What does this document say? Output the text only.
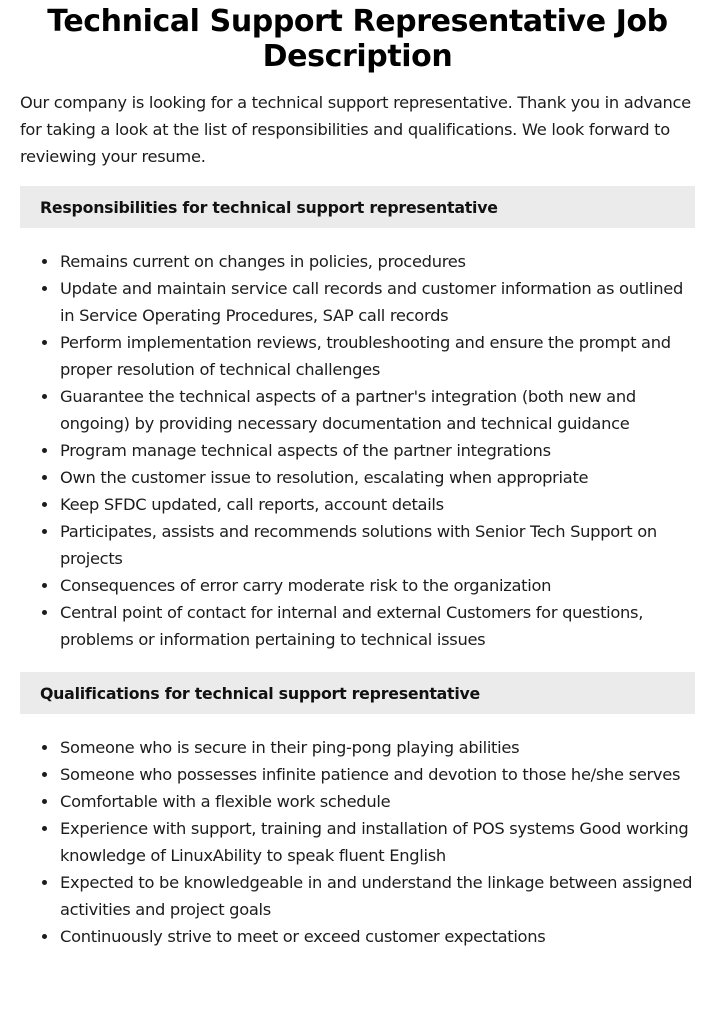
Technical Support Representative Job Description

Our company is looking for a technical support representative. Thank you in advance for taking a look at the list of responsibilities and qualifications. We look forward to reviewing your resume.

Responsibilities for technical support representative
Remains current on changes in policies, procedures
Update and maintain service call records and customer information as outlined in Service Operating Procedures, SAP call records
Perform implementation reviews, troubleshooting and ensure the prompt and proper resolution of technical challenges
Guarantee the technical aspects of a partner's integration (both new and ongoing) by providing necessary documentation and technical guidance
Program manage technical aspects of the partner integrations
Own the customer issue to resolution, escalating when appropriate
Keep SFDC updated, call reports, account details
Participates, assists and recommends solutions with Senior Tech Support on projects
Consequences of error carry moderate risk to the organization
Central point of contact for internal and external Customers for questions, problems or information pertaining to technical issues
Qualifications for technical support representative
Someone who is secure in their ping-pong playing abilities
Someone who possesses infinite patience and devotion to those he/she serves
Comfortable with a flexible work schedule
Experience with support, training and installation of POS systems Good working knowledge of LinuxAbility to speak fluent English
Expected to be knowledgeable in and understand the linkage between assigned activities and project goals
Continuously strive to meet or exceed customer expectations
